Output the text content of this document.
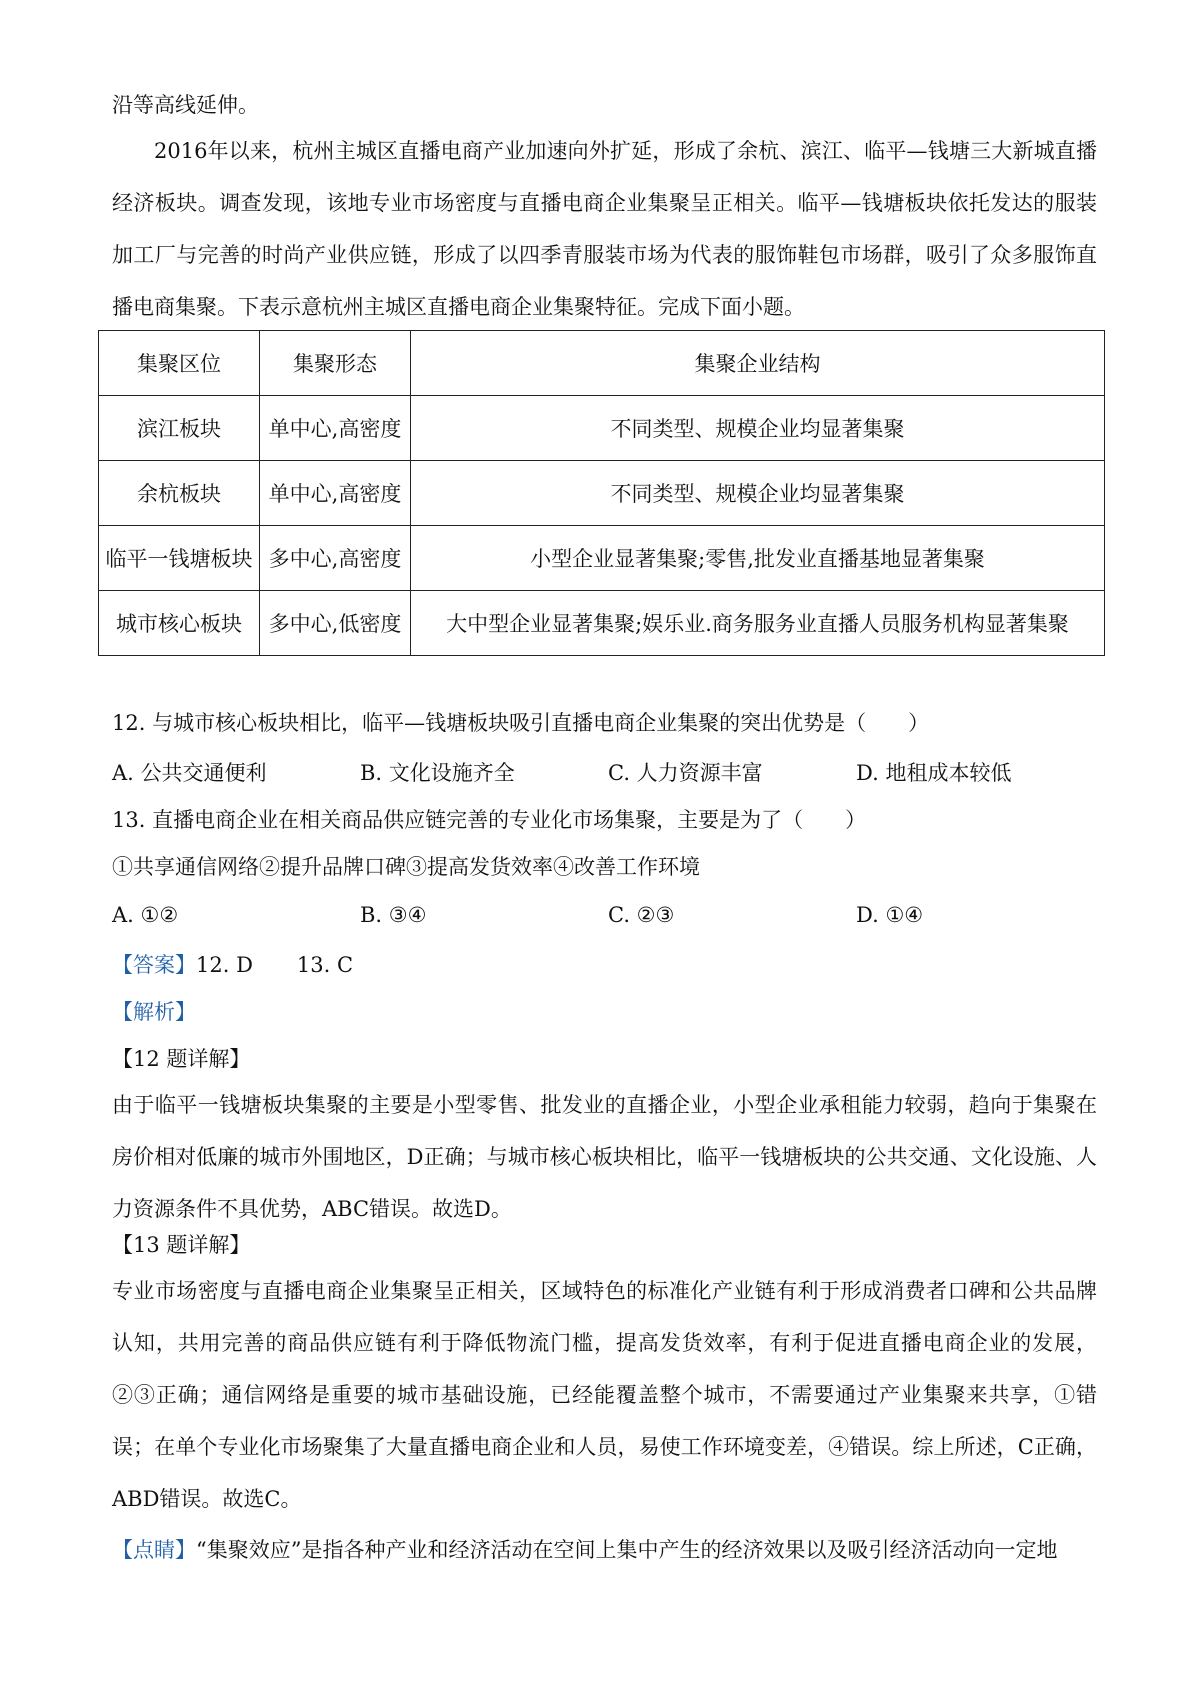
沿等高线延伸。
2016年以来，杭州主城区直播电商产业加速向外扩延，形成了余杭、滨江、临平—钱塘三大新城直播经济板块。调查发现，该地专业市场密度与直播电商企业集聚呈正相关。临平—钱塘板块依托发达的服装加工厂与完善的时尚产业供应链，形成了以四季青服装市场为代表的服饰鞋包市场群，吸引了众多服饰直播电商集聚。下表示意杭州主城区直播电商企业集聚特征。完成下面小题。
集聚区位	集聚形态	集聚企业结构
滨江板块	单中心,高密度	不同类型、规模企业均显著集聚
余杭板块	单中心,高密度	不同类型、规模企业均显著集聚
临平一钱塘板块	多中心,高密度	小型企业显著集聚;零售,批发业直播基地显著集聚
城市核心板块	多中心,低密度	大中型企业显著集聚;娱乐业.商务服务业直播人员服务机构显著集聚
12. 与城市核心板块相比，临平—钱塘板块吸引直播电商企业集聚的突出优势是（　　）
A. 公共交通便利	B. 文化设施齐全	C. 人力资源丰富	D. 地租成本较低
13. 直播电商企业在相关商品供应链完善的专业化市场集聚，主要是为了（　　）
①共享通信网络②提升品牌口碑③提高发货效率④改善工作环境
A. ①②	B. ③④	C. ②③	D. ①④
【答案】12. D 13. C
【解析】
【12 题详解】
由于临平一钱塘板块集聚的主要是小型零售、批发业的直播企业，小型企业承租能力较弱，趋向于集聚在房价相对低廉的城市外围地区，D正确；与城市核心板块相比，临平一钱塘板块的公共交通、文化设施、人力资源条件不具优势，ABC错误。故选D。
【13 题详解】
专业市场密度与直播电商企业集聚呈正相关，区域特色的标准化产业链有利于形成消费者口碑和公共品牌认知，共用完善的商品供应链有利于降低物流门槛，提高发货效率，有利于促进直播电商企业的发展，②③正确；通信网络是重要的城市基础设施，已经能覆盖整个城市，不需要通过产业集聚来共享，①错误；在单个专业化市场聚集了大量直播电商企业和人员，易使工作环境变差，④错误。综上所述，C正确，ABD错误。故选C。
【点睛】“集聚效应”是指各种产业和经济活动在空间上集中产生的经济效果以及吸引经济活动向一定地
